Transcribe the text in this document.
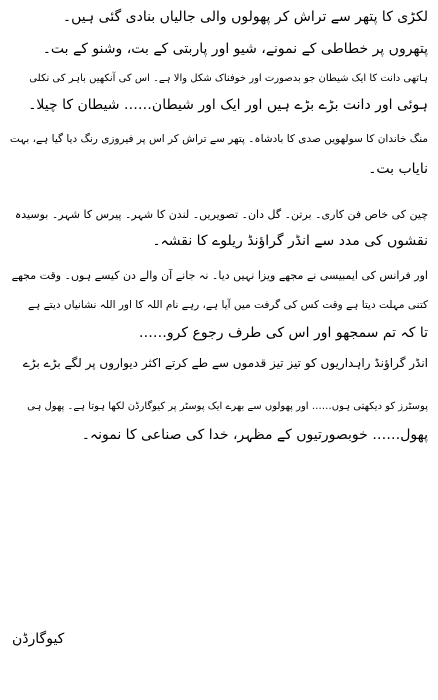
لکڑی کا پتھر سے تراش کر پھولوں والی جالیاں بنادی گئی ہیں۔
پتھروں پر خطاطی کے نمونے، شیو اور پاربتی کے بت، وشنو کے بت۔
ہاتھی دانت کا ایک شیطان جو بدصورت اور خوفناک شکل والا ہے۔ اس کی آنکھیں باہر کی نکلی
ہوئی اور دانت بڑے بڑے ہیں اور ایک اور شیطان…… شیطان کا چیلا۔
منگ خاندان کا سولھویں صدی کا بادشاہ۔ پتھر سے تراش کر اس پر فیروزی رنگ دیا گیا ہے، بہت
نایاب بت۔
چین کی خاص فن کاری۔ برتن۔ گل دان۔ تصویریں۔ لندن کا شہر۔ پیرس کا شہر۔ بوسیدہ
نقشوں کی مدد سے انڈر گراؤنڈ ریلوے کا نقشہ۔
اور فرانس کی ایمبیسی نے مجھے ویزا نہیں دیا۔ نہ جانے آن والے دن کیسے ہوں۔ وقت مجھے
کتنی مہلت دیتا ہے وقت کس کی گرفت میں آیا ہے، رہے نام اللہ کا اور اللہ نشانیاں دیتے ہے
تا کہ تم سمجھو اور اس کی طرف رجوع کرو……
انڈر گراؤنڈ راہداریوں کو تیز تیز قدموں سے طے کرتے اکثر دیواروں پر لگے بڑے بڑے
پوسٹرز کو دیکھتی ہوں…… اور پھولوں سے بھرے ایک پوسٹر پر کیوگارڈن لکھا ہوتا ہے۔ پھول ہی
پھول…… خوبصورتیوں کے مظہر، خدا کی صناعی کا نمونہ۔
کیوگارڈن
